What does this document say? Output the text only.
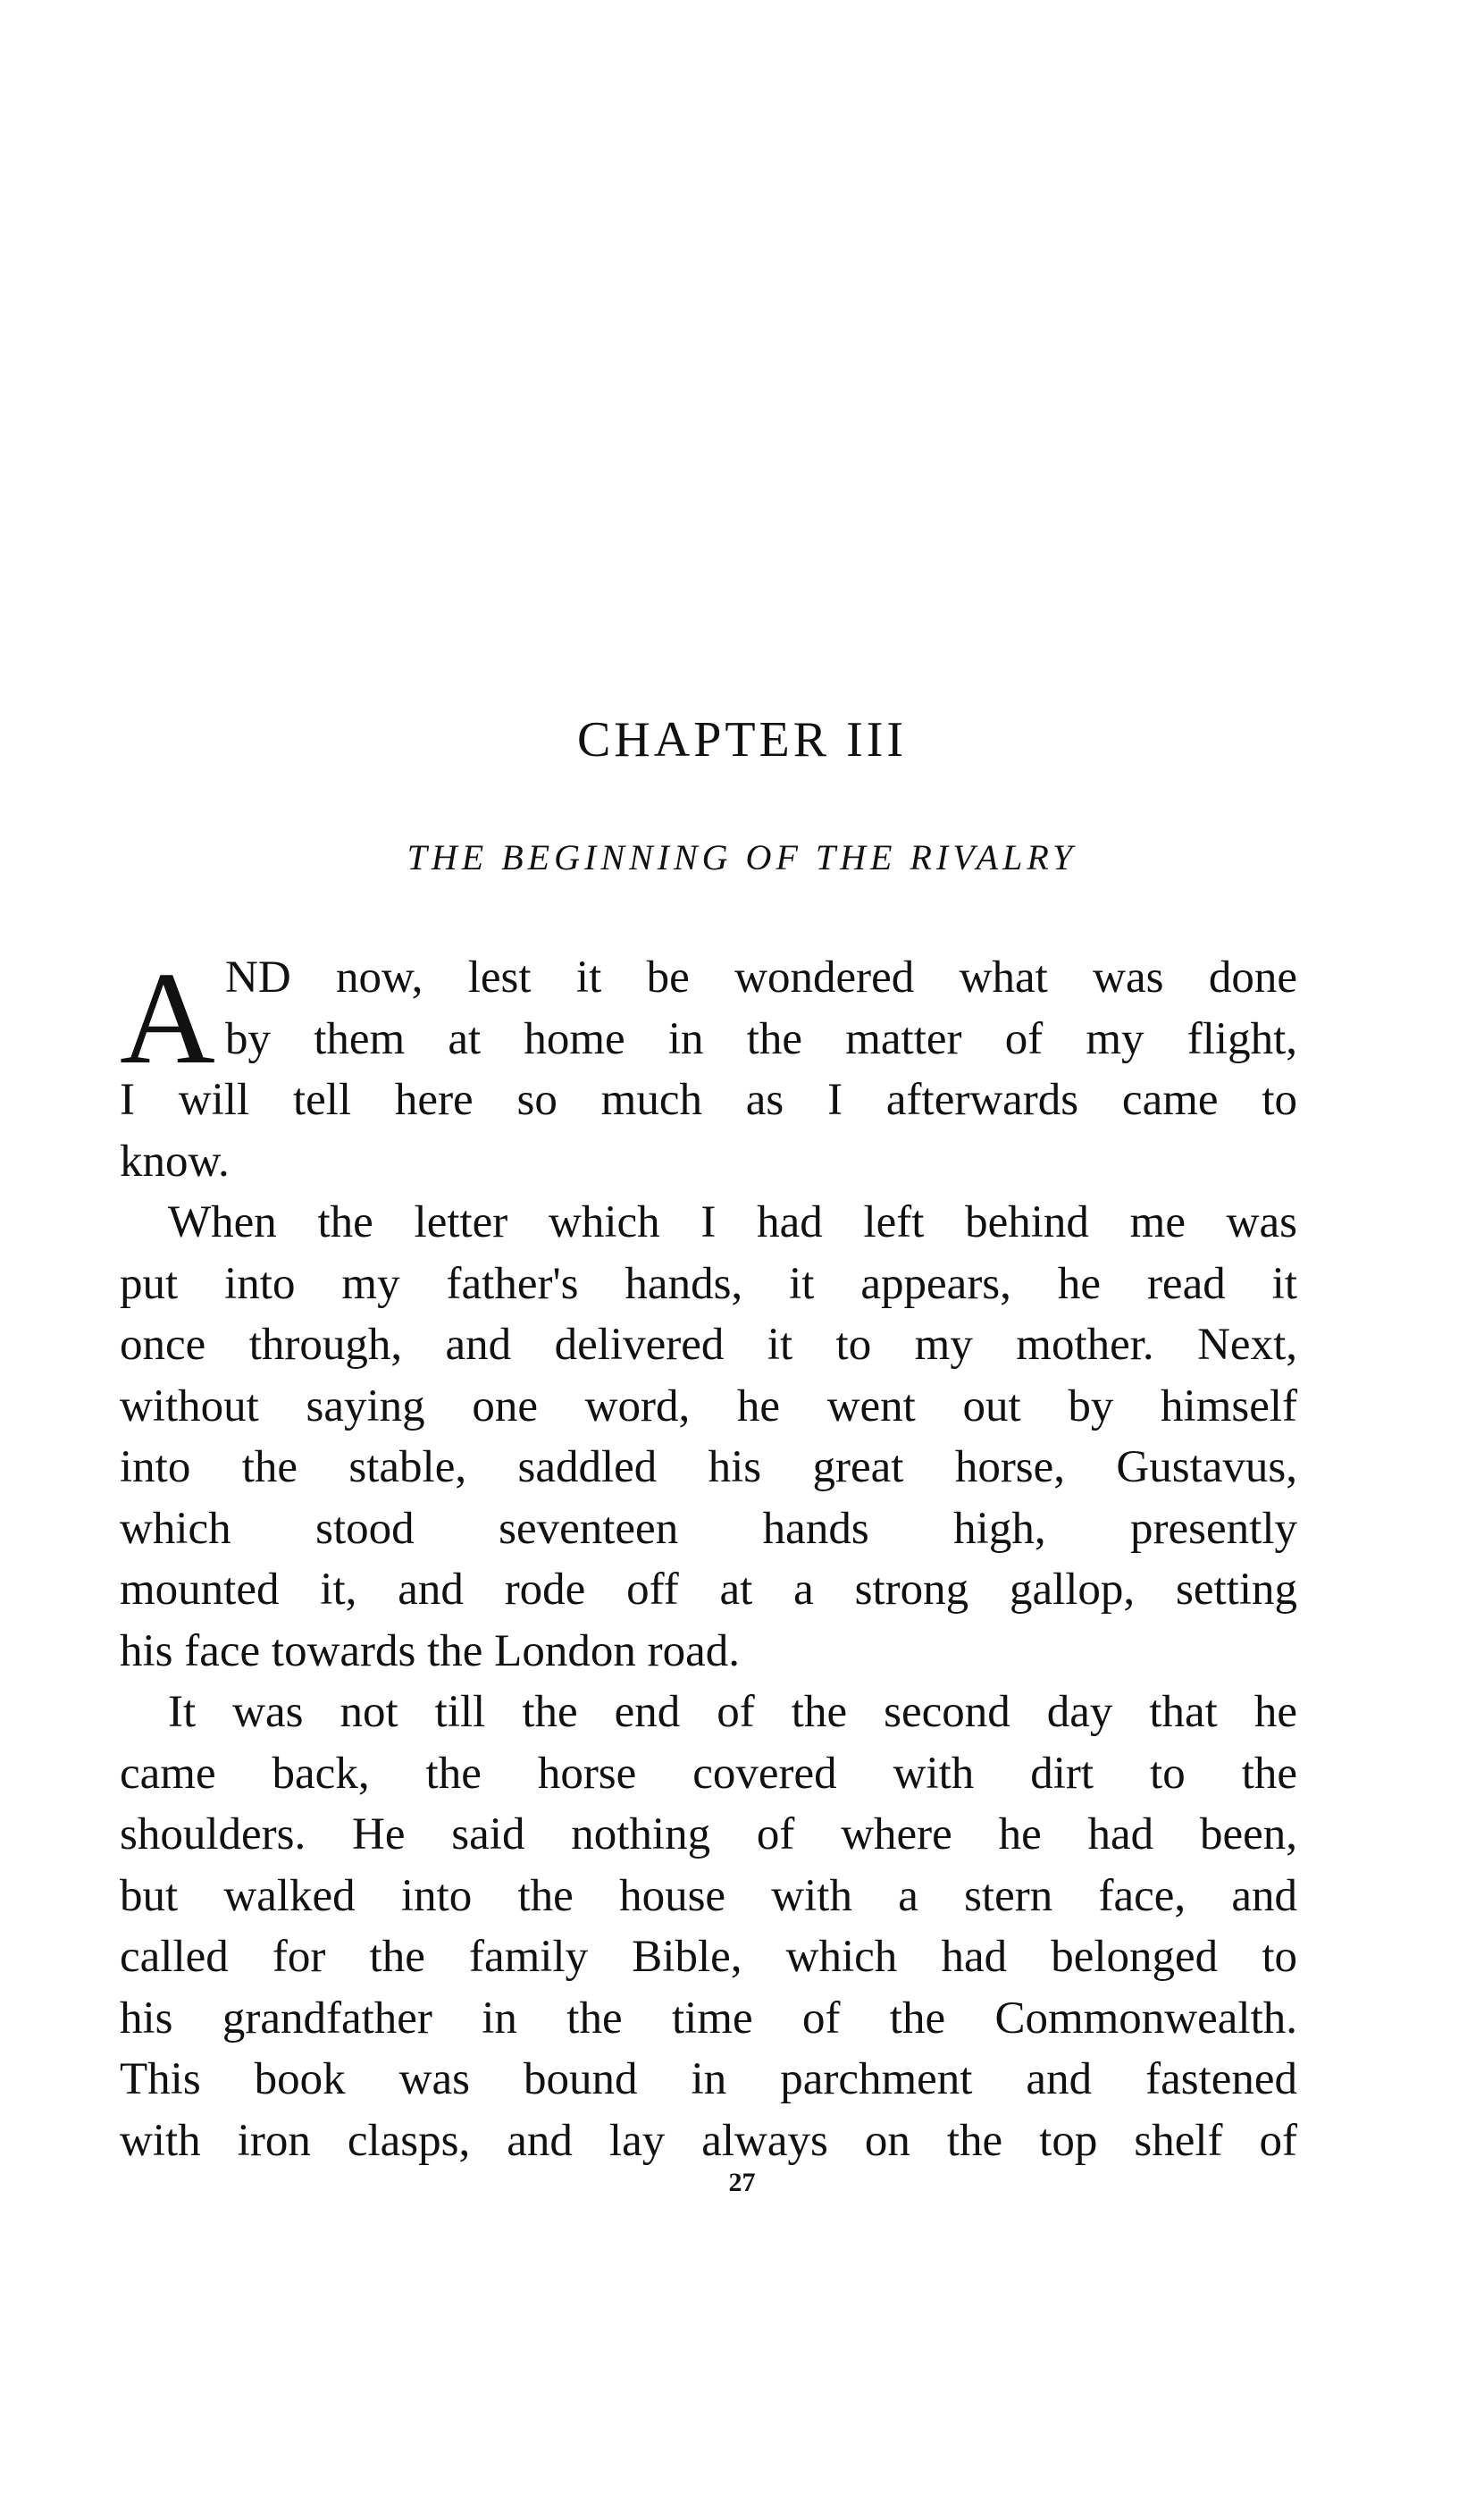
CHAPTER III
THE BEGINNING OF THE RIVALRY
A ND now, lest it be wondered what was done
by them at home in the matter of my flight,
I will tell here so much as I afterwards came to
know.
When the letter which I had left behind me was
put into my father's hands, it appears, he read it
once through, and delivered it to my mother. Next,
without saying one word, he went out by himself
into the stable, saddled his great horse, Gustavus,
which stood seventeen hands high, presently
mounted it, and rode off at a strong gallop, setting
his face towards the London road.
It was not till the end of the second day that he
came back, the horse covered with dirt to the
shoulders. He said nothing of where he had been,
but walked into the house with a stern face, and
called for the family Bible, which had belonged to
his grandfather in the time of the Commonwealth.
This book was bound in parchment and fastened
with iron clasps, and lay always on the top shelf of
27
